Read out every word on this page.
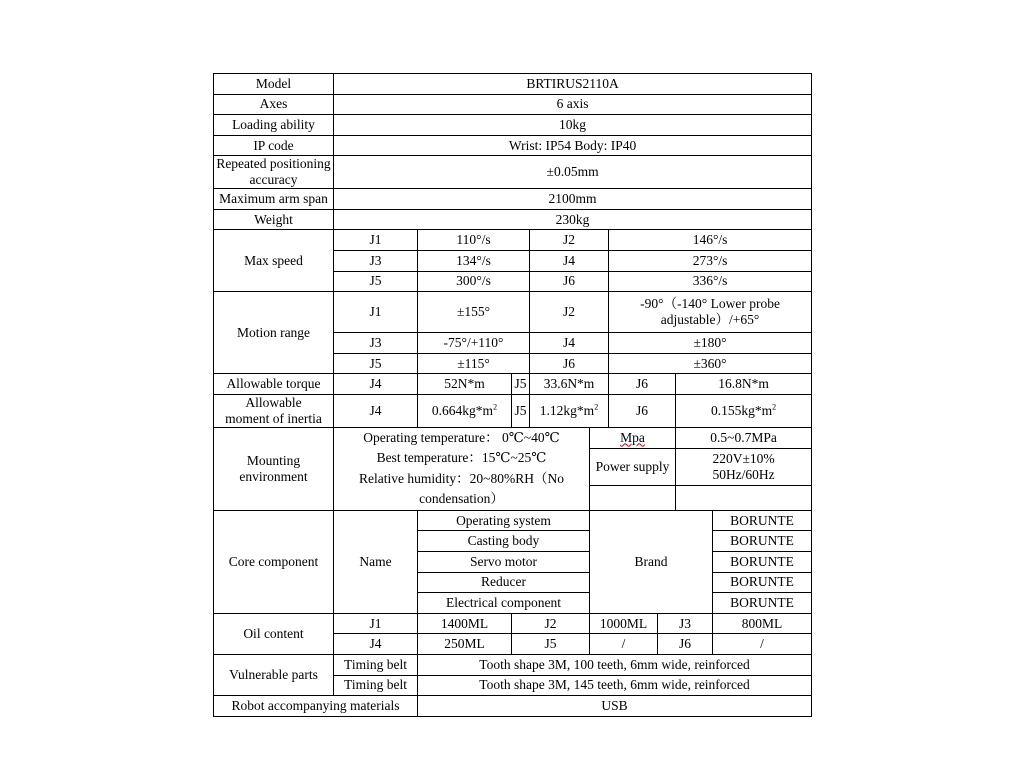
Model	BRTIRUS2110A								
Axes	6 axis								
Loading ability	10kg								
IP code	Wrist: IP54 Body: IP40								
Repeated positioning accuracy	±0.05mm								
Maximum arm span	2100mm								
Weight	230kg								
Max speed	J1	110°/s		J2		146°/s			
	J3	134°/s		J4		273°/s			
	J5	300°/s		J6		336°/s			
Motion range	J1	±155°		J2		-90°（-140° Lower probe
adjustable）/+65°			

	J3	-75°/+110°		J4		±180°			
	J5	±115°		J6		±360°			
Allowable torque	J4	52N*m	J5	33.6N*m		J6		16.8N*m	

Allowable
moment of inertia	J4	$0.664kg*m^2$	J5	$1.12kg*m^2$		J6		$0.155kg*m^2$

Mounting
environment	Operating temperature： 0℃~40℃
Best temperature：15℃~25℃
Relative humidity：20~80%RH（No
condensation）				Mpa			0.5~0.7MPa	
					Power supply			220V±10%
50Hz/60Hz	

Core component	Name	Operating system			Brand				BORUNTE
		Casting body							BORUNTE
		Servo motor							BORUNTE
		Reducer							BORUNTE
		Electrical component							BORUNTE
Oil content	J1	1400ML	J2		1000ML		J3		800ML
	J4	250ML	J5		/		J6		/
Vulnerable parts	Timing belt	Tooth shape 3M, 100 teeth, 6mm wide, reinforced							
	Timing belt	Tooth shape 3M, 145 teeth, 6mm wide, reinforced							
Robot accompanying materials		USB							
